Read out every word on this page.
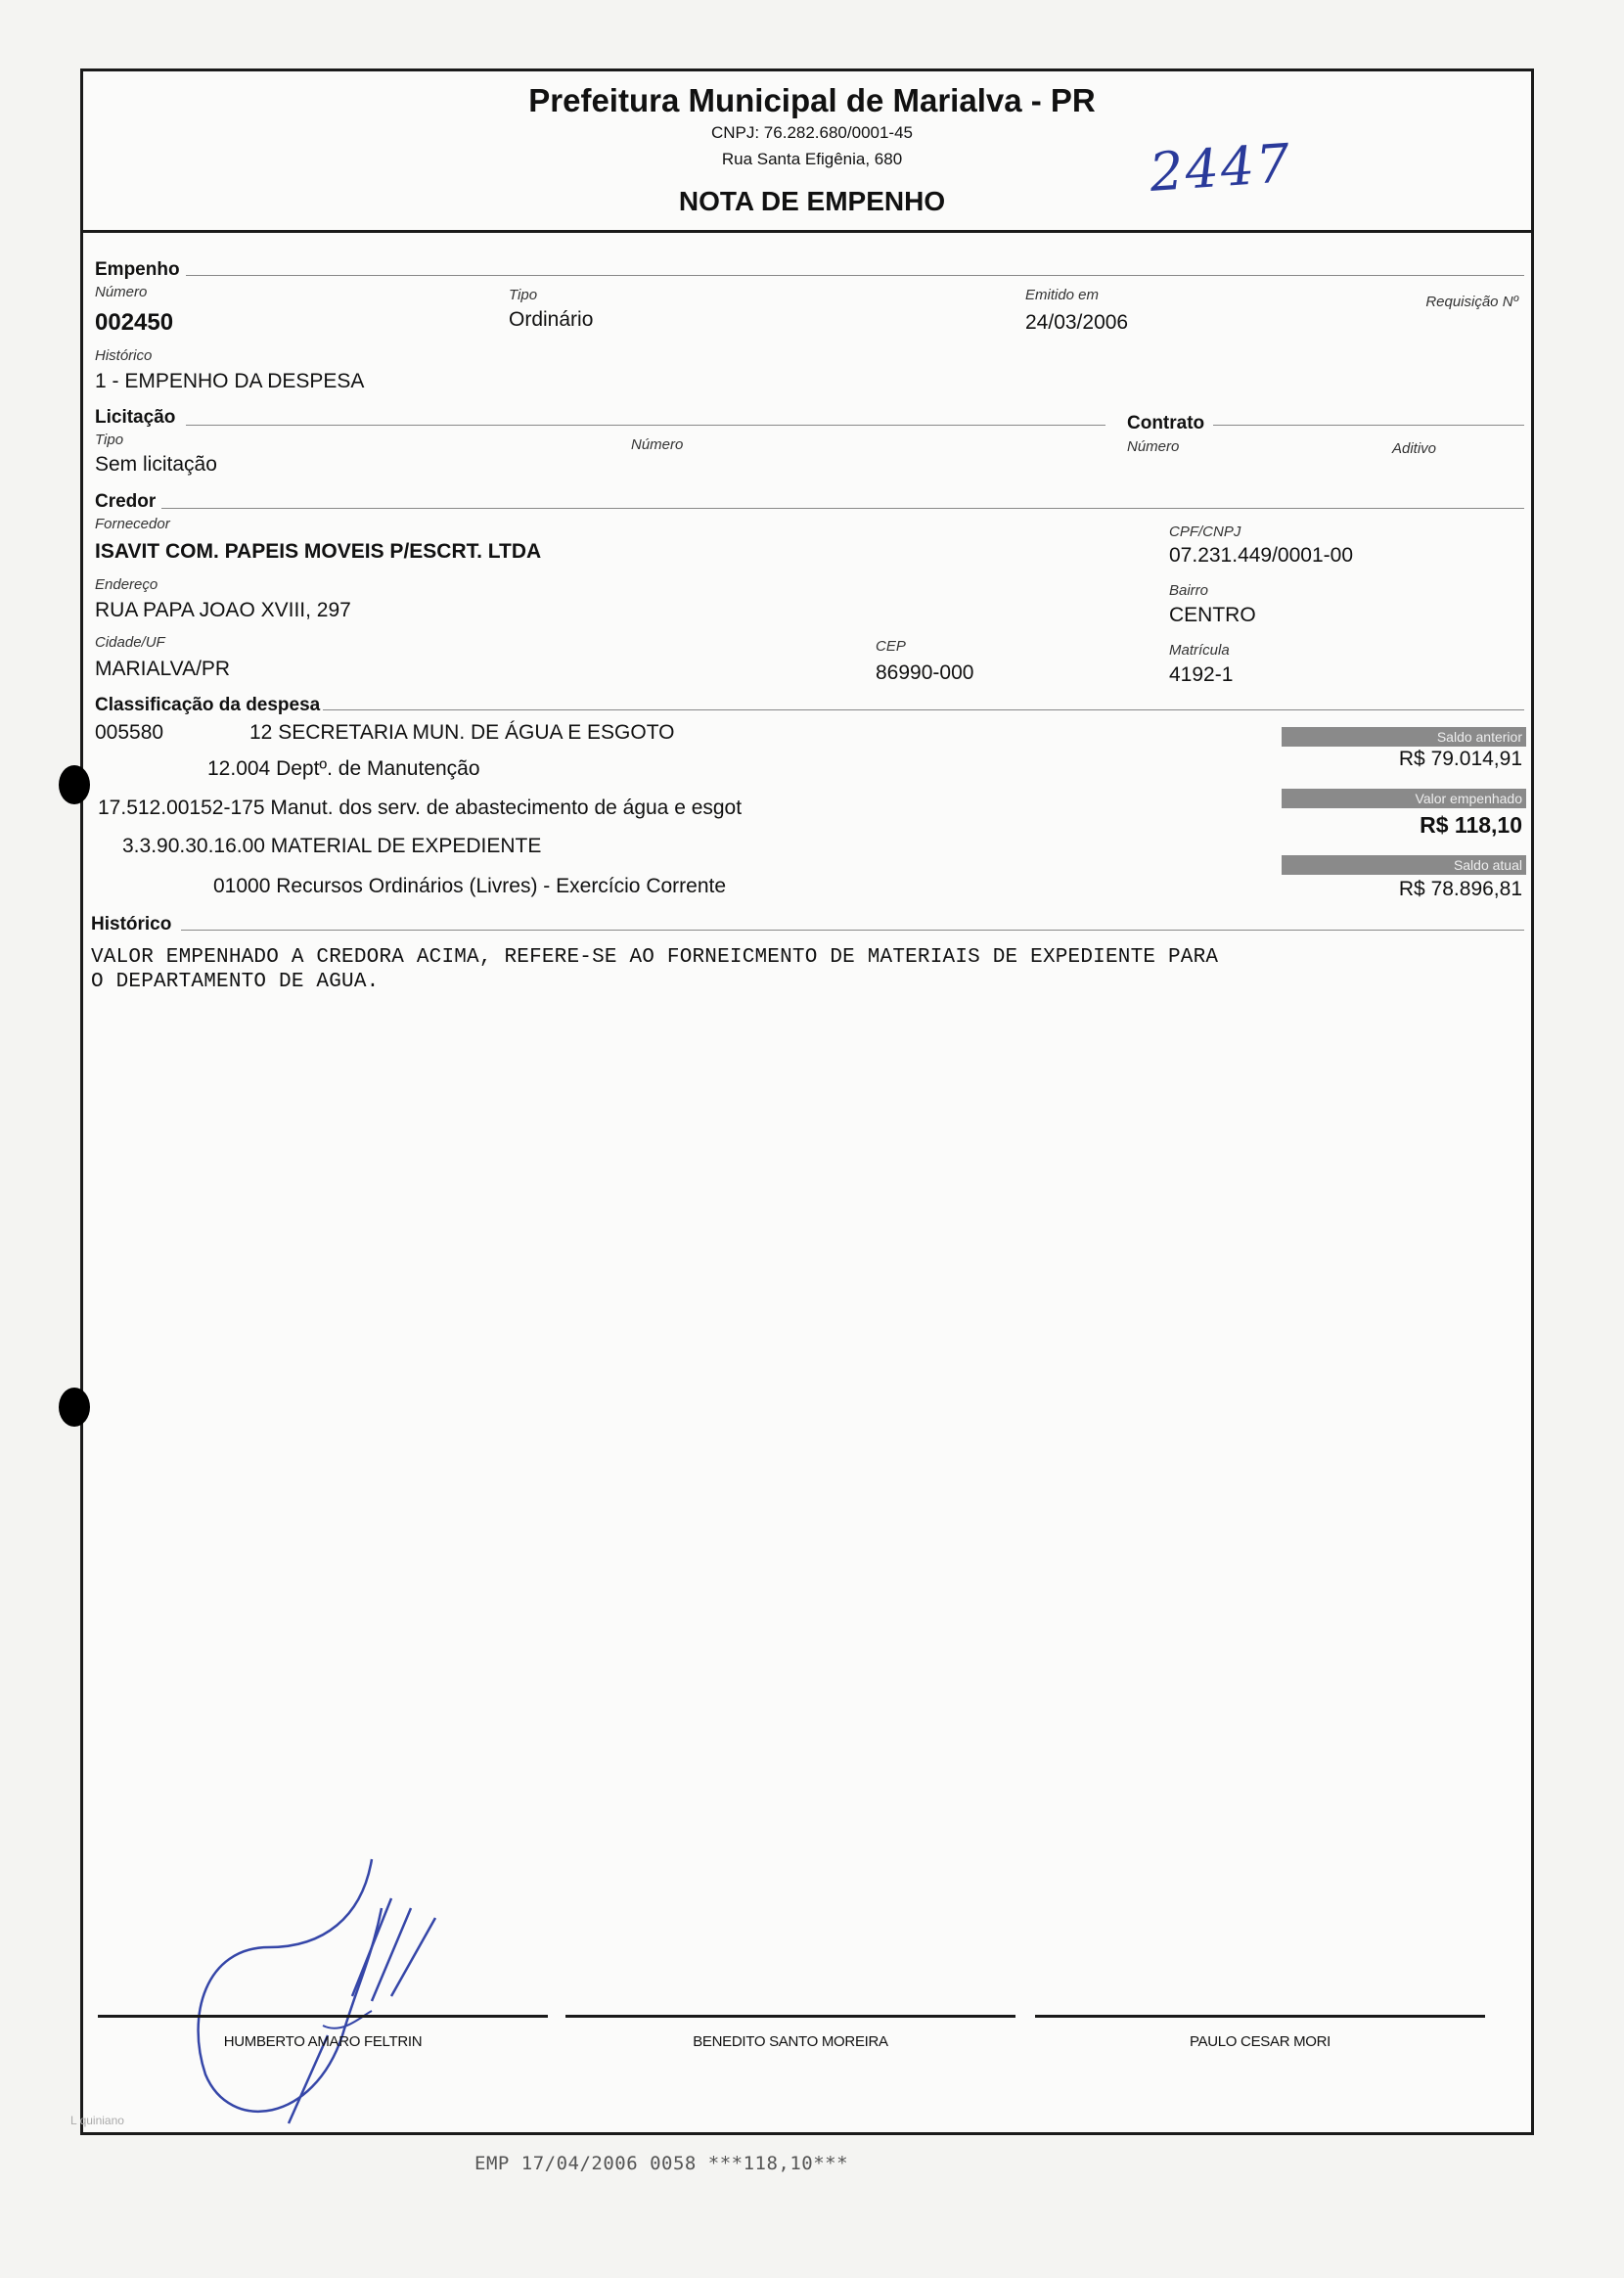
Prefeitura Municipal de Marialva - PR
CNPJ: 76.282.680/0001-45
Rua Santa Efigênia, 680
NOTA DE EMPENHO	2447
Empenho
Número
002450
Tipo
Ordinário
Emitido em
24/03/2006
Requisição Nº
Histórico
1 - EMPENHO DA DESPESA
Licitação	Contrato
Tipo
Sem licitação
Número	Número	Aditivo
Credor
Fornecedor
ISAVIT COM. PAPEIS MOVEIS P/ESCRT. LTDA
CPF/CNPJ
07.231.449/0001-00
Endereço
RUA PAPA JOAO XVIII, 297
Bairro
CENTRO
Cidade/UF
MARIALVA/PR
CEP
86990-000
Matrícula
4192-1
Classificação da despesa
005580	12 SECRETARIA MUN. DE ÁGUA E ESGOTO
12.004 Deptº. de Manutenção
17.512.00152-175 Manut. dos serv. de abastecimento de água e esgot
3.3.90.30.16.00 MATERIAL DE EXPEDIENTE
01000 Recursos Ordinários (Livres) - Exercício Corrente
Saldo anterior
R$ 79.014,91
Valor empenhado
R$ 118,10
Saldo atual
R$ 78.896,81
Histórico
VALOR EMPENHADO A CREDORA ACIMA, REFERE-SE AO FORNEICMENTO DE MATERIAIS DE EXPEDIENTE PARA
O DEPARTAMENTO DE AGUA.
HUMBERTO AMARO FELTRIN	BENEDITO SANTO MOREIRA	PAULO CESAR MORI
L quiniano
EMP 17/04/2006 0058 ***118,10***
